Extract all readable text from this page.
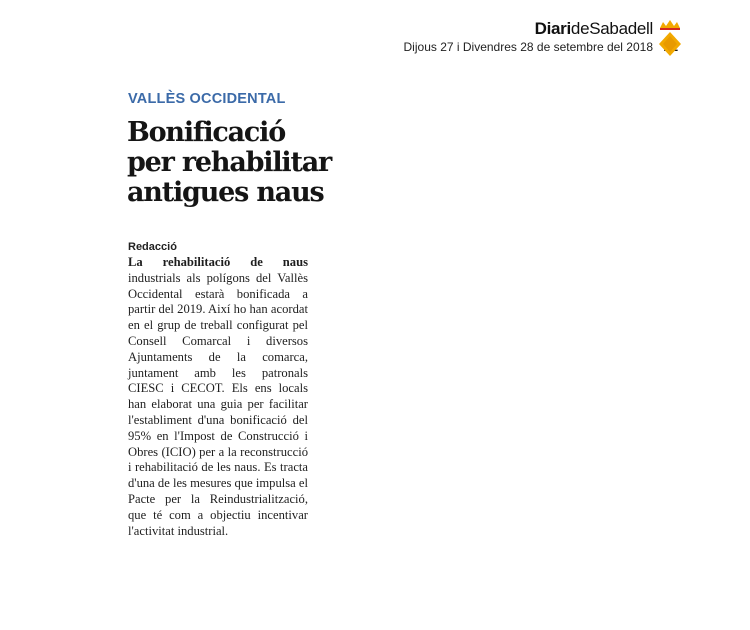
DiarideSabadell
Dijous 27 i Divendres 28 de setembre del 2018
VALLÈS OCCIDENTAL
Bonificació
per rehabilitar
antigues naus
Redacció
La rehabilitació de naus industrials als polígons del Vallès Occidental estarà bonificada a partir del 2019. Així ho han acordat en el grup de treball configurat pel Consell Comarcal i diversos Ajuntaments de la comarca, juntament amb les patronals CIESC i CECOT. Els ens locals han elaborat una guia per facilitar l'establiment d'una bonificació del 95% en l'Impost de Construcció i Obres (ICIO) per a la reconstrucció i rehabilitació de les naus. Es tracta d'una de les mesures que impulsa el Pacte per la Reindustrialització, que té com a objectiu incentivar l'activitat industrial.
